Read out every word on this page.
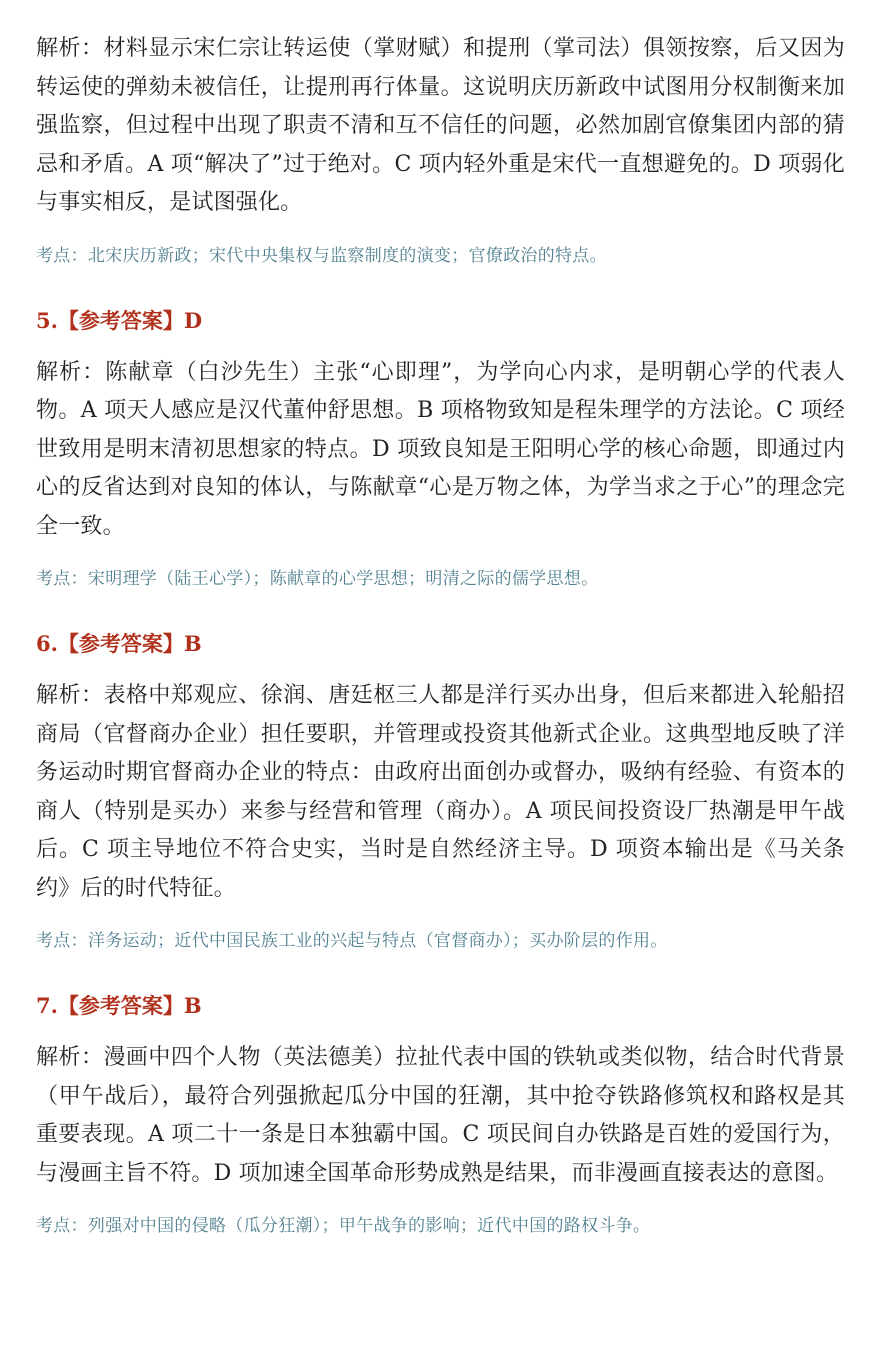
解析：材料显示宋仁宗让转运使（掌财赋）和提刑（掌司法）俱领按察，后又因为转运使的弹劾未被信任，让提刑再行体量。这说明庆历新政中试图用分权制衡来加强监察，但过程中出现了职责不清和互不信任的问题，必然加剧官僚集团内部的猜忌和矛盾。A 项“解决了”过于绝对。C 项内轻外重是宋代一直想避免的。D 项弱化与事实相反，是试图强化。

考点：北宋庆历新政；宋代中央集权与监察制度的演变；官僚政治的特点。

5.【参考答案】D

解析：陈献章（白沙先生）主张“心即理”，为学向心内求，是明朝心学的代表人物。A 项天人感应是汉代董仲舒思想。B 项格物致知是程朱理学的方法论。C 项经世致用是明末清初思想家的特点。D 项致良知是王阳明心学的核心命题，即通过内心的反省达到对良知的体认，与陈献章“心是万物之体，为学当求之于心”的理念完全一致。

考点：宋明理学（陆王心学）；陈献章的心学思想；明清之际的儒学思想。

6.【参考答案】B

解析：表格中郑观应、徐润、唐廷枢三人都是洋行买办出身，但后来都进入轮船招商局（官督商办企业）担任要职，并管理或投资其他新式企业。这典型地反映了洋务运动时期官督商办企业的特点：由政府出面创办或督办，吸纳有经验、有资本的商人（特别是买办）来参与经营和管理（商办）。A 项民间投资设厂热潮是甲午战后。C 项主导地位不符合史实，当时是自然经济主导。D 项资本输出是《马关条约》后的时代特征。

考点：洋务运动；近代中国民族工业的兴起与特点（官督商办）；买办阶层的作用。

7.【参考答案】B

解析：漫画中四个人物（英法德美）拉扯代表中国的铁轨或类似物，结合时代背景（甲午战后），最符合列强掀起瓜分中国的狂潮，其中抢夺铁路修筑权和路权是其重要表现。A 项二十一条是日本独霸中国。C 项民间自办铁路是百姓的爱国行为，与漫画主旨不符。D 项加速全国革命形势成熟是结果，而非漫画直接表达的意图。

考点：列强对中国的侵略（瓜分狂潮）；甲午战争的影响；近代中国的路权斗争。
